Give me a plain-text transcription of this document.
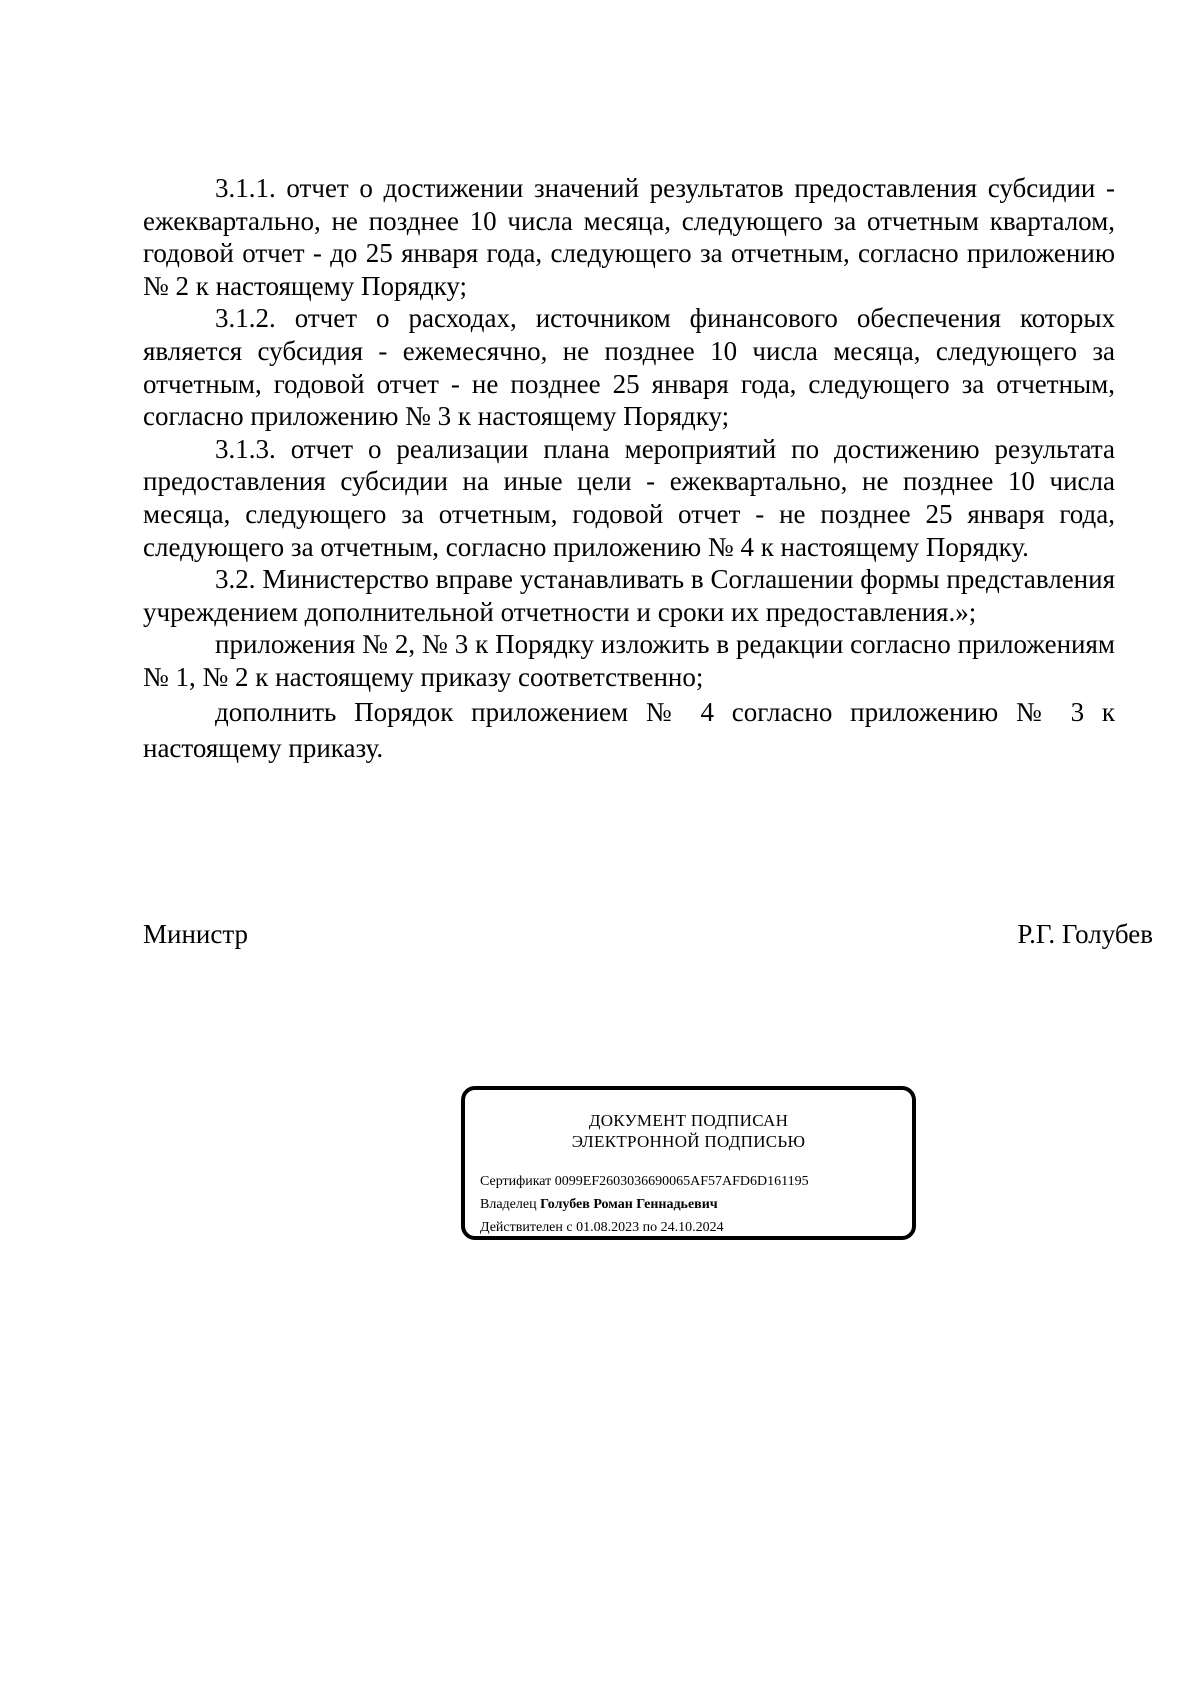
3.1.1. отчет о достижении значений результатов предоставления субсидии - ежеквартально, не позднее 10 числа месяца, следующего за отчетным кварталом, годовой отчет - до 25 января года, следующего за отчетным, согласно приложению № 2 к настоящему Порядку;

3.1.2. отчет о расходах, источником финансового обеспечения которых является субсидия - ежемесячно, не позднее 10 числа месяца, следующего за отчетным, годовой отчет - не позднее 25 января года, следующего за отчетным, согласно приложению № 3 к настоящему Порядку;

3.1.3. отчет о реализации плана мероприятий по достижению результата предоставления субсидии на иные цели - ежеквартально, не позднее 10 числа месяца, следующего за отчетным, годовой отчет - не позднее 25 января года, следующего за отчетным, согласно приложению № 4 к настоящему Порядку.

3.2. Министерство вправе устанавливать в Соглашении формы представления учреждением дополнительной отчетности и сроки их предоставления.»;

приложения № 2, № 3 к Порядку изложить в редакции согласно приложениям № 1, № 2 к настоящему приказу соответственно;

дополнить Порядок приложением № 4 согласно приложению № 3 к настоящему приказу.

Министр	Р.Г. Голубев
ДОКУМЕНТ ПОДПИСАН
ЭЛЕКТРОННОЙ ПОДПИСЬЮ
Сертификат 0099EF2603036690065AF57AFD6D161195
Владелец Голубев Роман Геннадьевич
Действителен с 01.08.2023 по 24.10.2024
